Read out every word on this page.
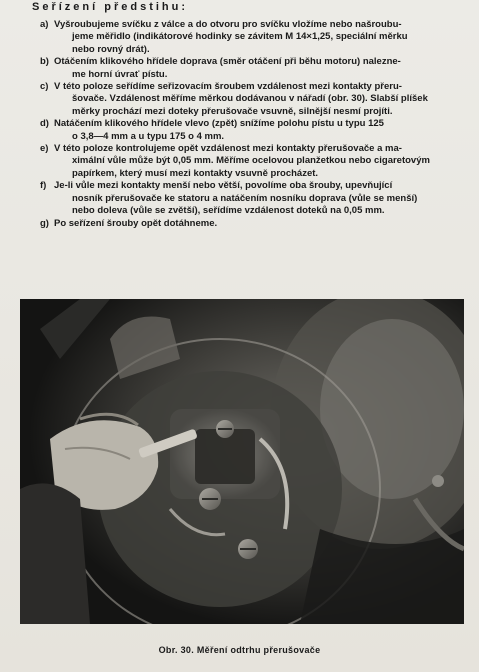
Seřízení předstihu:
a) Vyšroubujeme svíčku z válce a do otvoru pro svíčku vložíme nebo našroubu-
jeme měřidlo (indikátorové hodinky se závitem M 14×1,25, speciální měrku
nebo rovný drát).
b) Otáčením klikového hřídele doprava (směr otáčení při běhu motoru) nalezne-
me horní úvrať pístu.
c) V této poloze seřídíme seřizovacím šroubem vzdálenost mezi kontakty přeru-
šovače. Vzdálenost měříme měrkou dodávanou v nářadí (obr. 30). Slabší plíšek
měrky prochází mezi doteky přerušovače vsuvně, silnější nesmí projíti.
d) Natáčením klikového hřídele vlevo (zpět) snížíme polohu pístu u typu 125
o 3,8—4 mm a u typu 175 o 4 mm.
e) V této poloze kontrolujeme opět vzdálenost mezi kontakty přerušovače a ma-
ximální vůle může být 0,05 mm. Měříme ocelovou planžetkou nebo cigaretovým
papírkem, který musí mezi kontakty vsuvně procházet.
f) Je-li vůle mezi kontakty menší nebo větší, povolíme oba šrouby, upevňující
nosník přerušovače ke statoru a natáčením nosníku doprava (vůle se menší)
nebo doleva (vůle se zvětší), seřídíme vzdálenost doteků na 0,05 mm.
g) Po seřízení šrouby opět dotáhneme.
Obr. 30. Měření odtrhu přerušovače
